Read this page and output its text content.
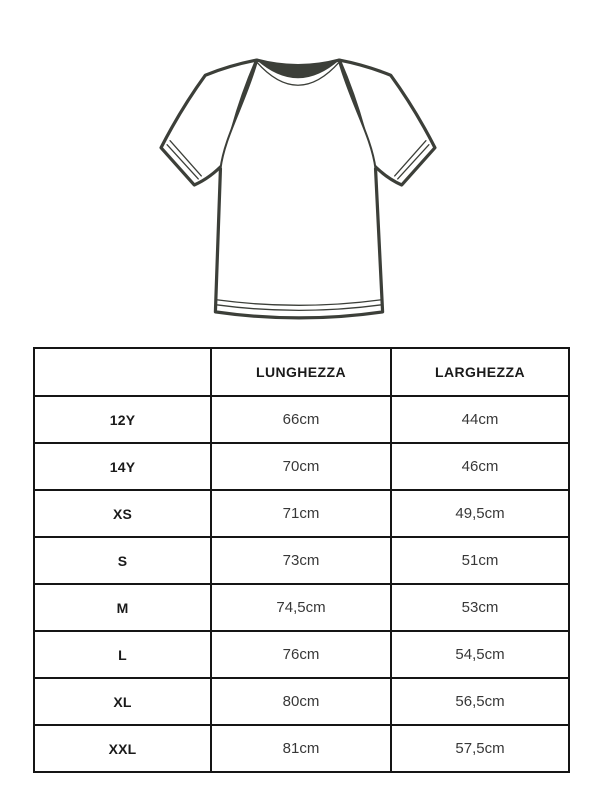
	LUNGHEZZA	LARGHEZZA
12Y	66cm	44cm
14Y	70cm	46cm
XS	71cm	49,5cm
S	73cm	51cm
M	74,5cm	53cm
L	76cm	54,5cm
XL	80cm	56,5cm
XXL	81cm	57,5cm
